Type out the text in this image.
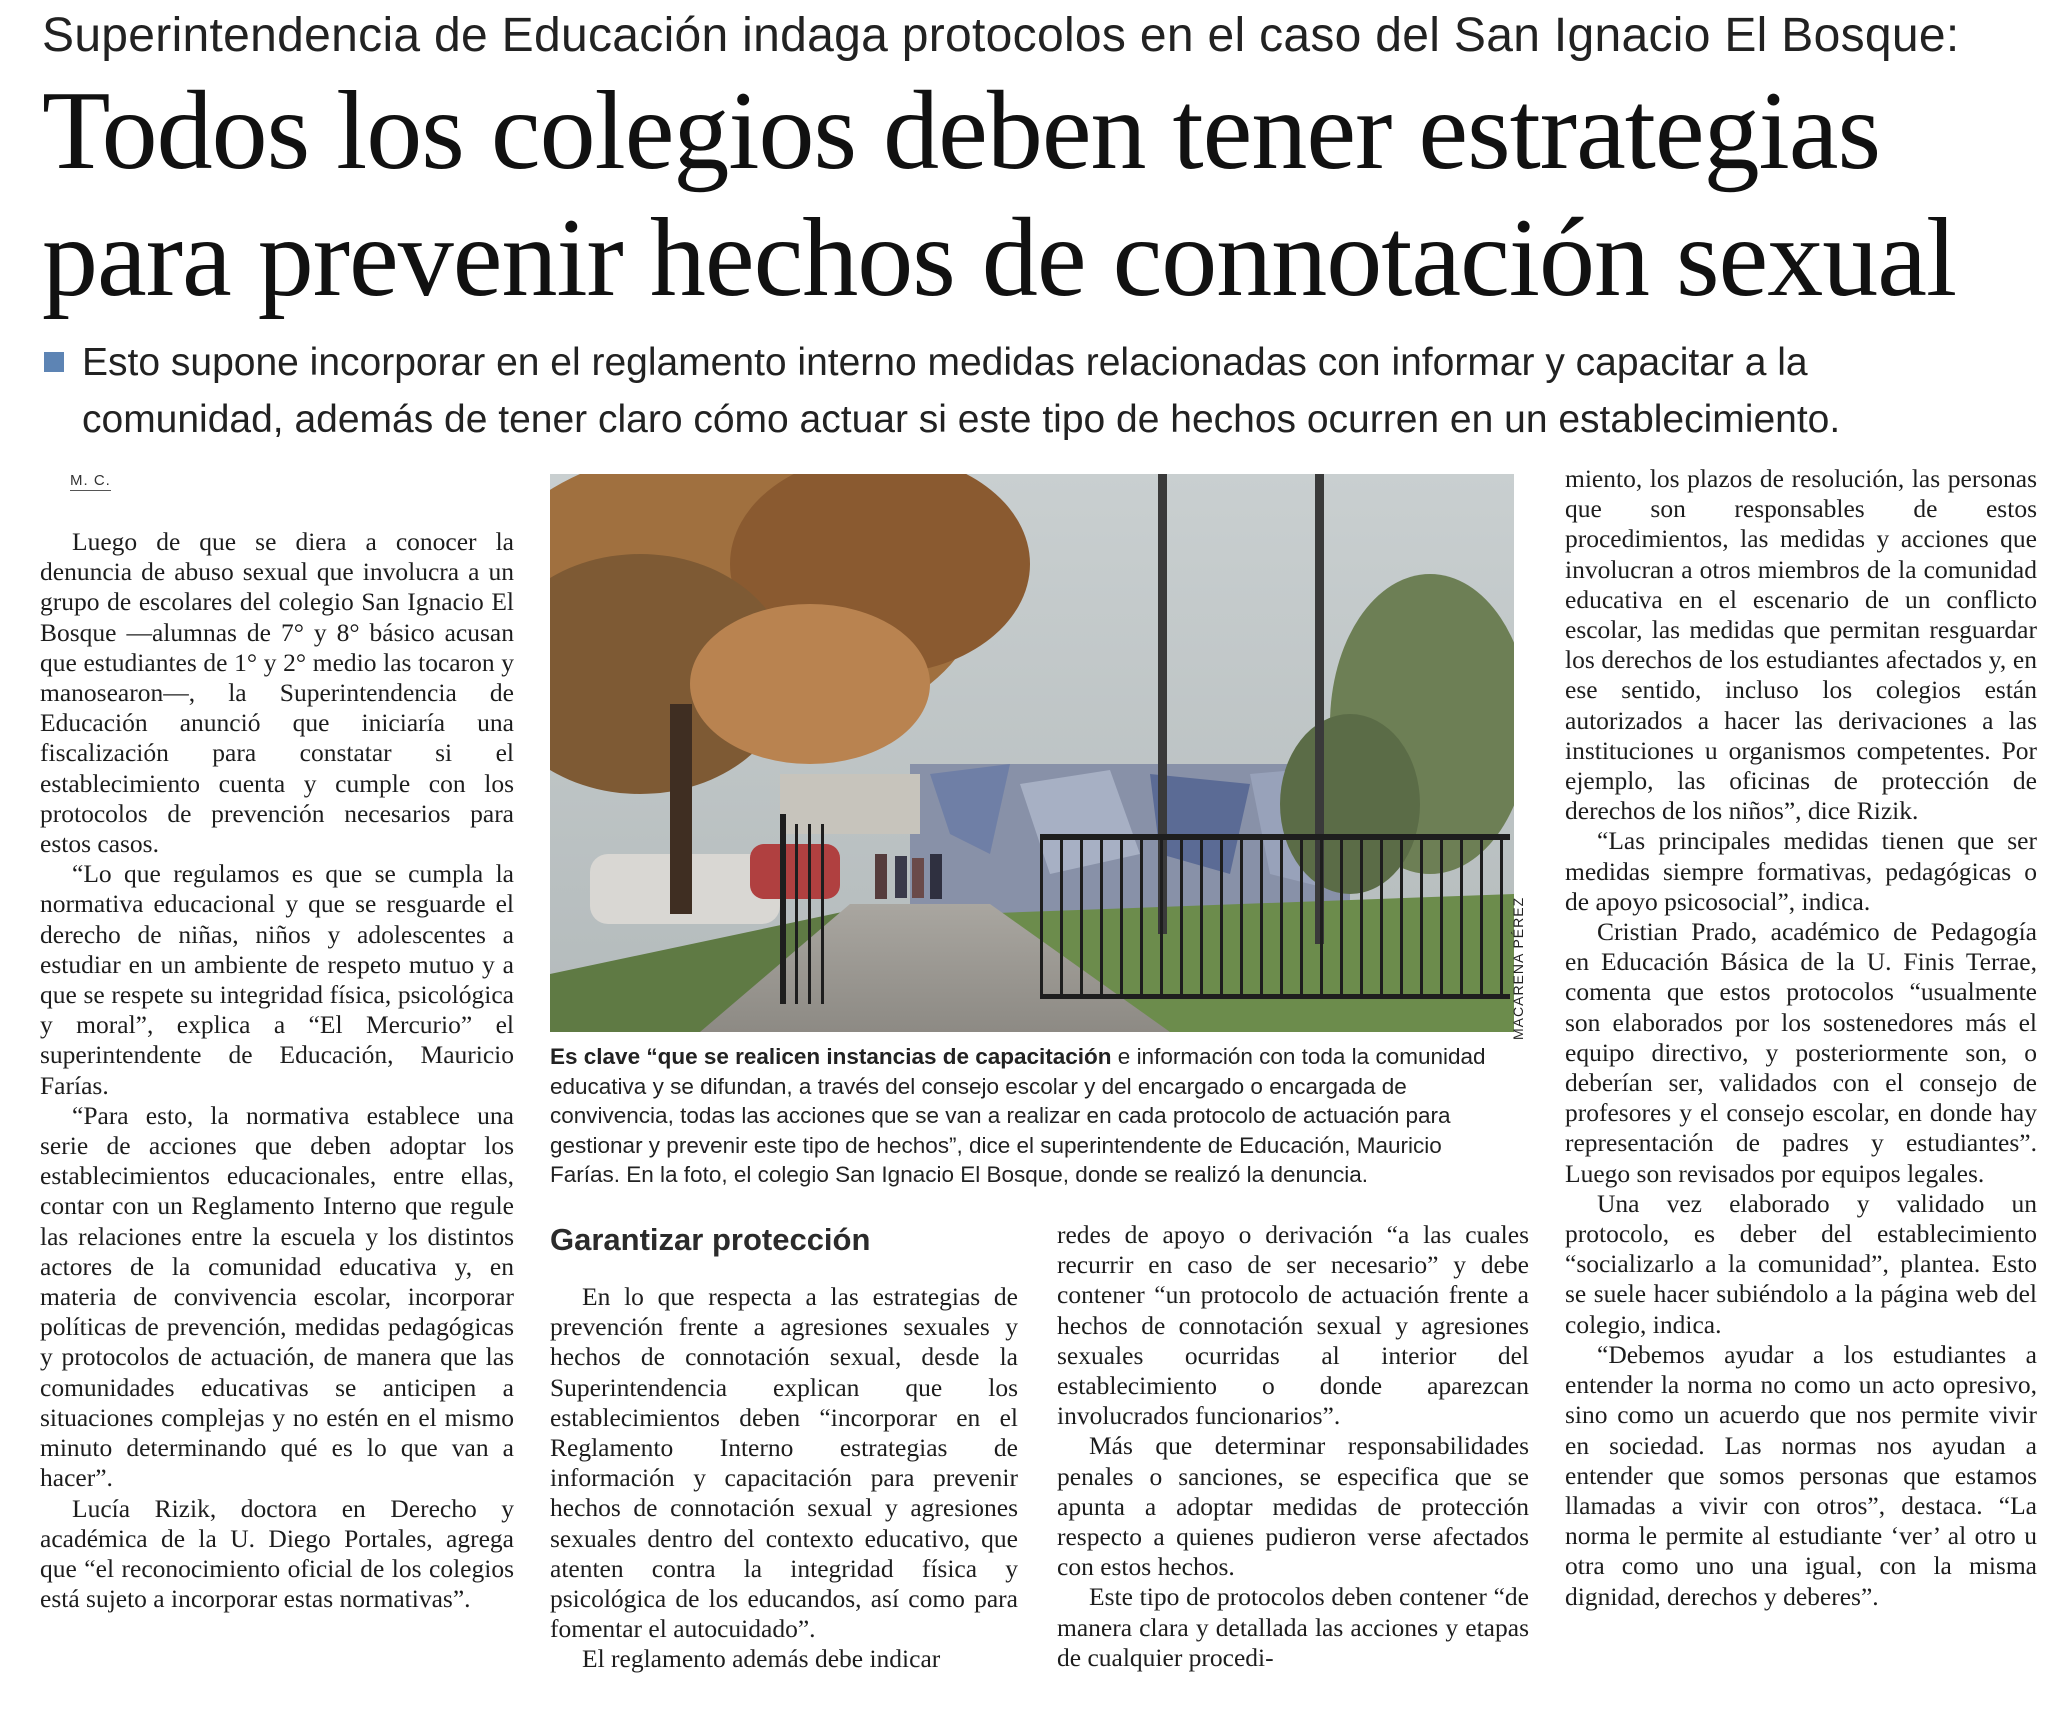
Superintendencia de Educación indaga protocolos en el caso del San Ignacio El Bosque:
Todos los colegios deben tener estrategias
para prevenir hechos de connotación sexual
Esto supone incorporar en el reglamento interno medidas relacionadas con informar y capacitar a la
comunidad, además de tener claro cómo actuar si este tipo de hechos ocurren en un establecimiento.
M. C.

Luego de que se diera a conocer la denuncia de abuso sexual que involucra a un grupo de escolares del colegio San Ignacio El Bosque —alumnas de 7° y 8° básico acusan que estudiantes de 1° y 2° medio las tocaron y manosearon—, la Superintendencia de Educación anunció que iniciaría una fiscalización para constatar si el establecimiento cuenta y cumple con los protocolos de prevención necesarios para estos casos.

“Lo que regulamos es que se cumpla la normativa educacional y que se resguarde el derecho de niñas, niños y adolescentes a estudiar en un ambiente de respeto mutuo y a que se respete su integridad física, psicológica y moral”, explica a “El Mercurio” el superintendente de Educación, Mauricio Farías.

“Para esto, la normativa establece una serie de acciones que deben adoptar los establecimientos educacionales, entre ellas, contar con un Reglamento Interno que regule las relaciones entre la escuela y los distintos actores de la comunidad educativa y, en materia de convivencia escolar, incorporar políticas de prevención, medidas pedagógicas y protocolos de actuación, de manera que las comunidades educativas se anticipen a situaciones complejas y no estén en el mismo minuto determinando qué es lo que van a hacer”.

Lucía Rizik, doctora en Derecho y académica de la U. Diego Portales, agrega que “el reconocimiento oficial de los colegios está sujeto a incorporar estas normativas”.

MACARENA PÉREZ
Es clave “que se realicen instancias de capacitación e información con toda la comunidad educativa y se difundan, a través del consejo escolar y del encargado o encargada de convivencia, todas las acciones que se van a realizar en cada protocolo de actuación para gestionar y prevenir este tipo de hechos”, dice el superintendente de Educación, Mauricio Farías. En la foto, el colegio San Ignacio El Bosque, donde se realizó la denuncia.
Garantizar protección

En lo que respecta a las estrategias de prevención frente a agresiones sexuales y hechos de connotación sexual, desde la Superintendencia explican que los establecimientos deben “incorporar en el Reglamento Interno estrategias de información y capacitación para prevenir hechos de connotación sexual y agresiones sexuales dentro del contexto educativo, que atenten contra la integridad física y psicológica de los educandos, así como para fomentar el autocuidado”.

El reglamento además debe indicar

redes de apoyo o derivación “a las cuales recurrir en caso de ser necesario” y debe contener “un protocolo de actuación frente a hechos de connotación sexual y agresiones sexuales ocurridas al interior del establecimiento o donde aparezcan involucrados funcionarios”.

Más que determinar responsabilidades penales o sanciones, se especifica que se apunta a adoptar medidas de protección respecto a quienes pudieron verse afectados con estos hechos.

Este tipo de protocolos deben contener “de manera clara y detallada las acciones y etapas de cualquier procedi-

miento, los plazos de resolución, las personas que son responsables de estos procedimientos, las medidas y acciones que involucran a otros miembros de la comunidad educativa en el escenario de un conflicto escolar, las medidas que permitan resguardar los derechos de los estudiantes afectados y, en ese sentido, incluso los colegios están autorizados a hacer las derivaciones a las instituciones u organismos competentes. Por ejemplo, las oficinas de protección de derechos de los niños”, dice Rizik.

“Las principales medidas tienen que ser medidas siempre formativas, pedagógicas o de apoyo psicosocial”, indica.

Cristian Prado, académico de Pedagogía en Educación Básica de la U. Finis Terrae, comenta que estos protocolos “usualmente son elaborados por los sostenedores más el equipo directivo, y posteriormente son, o deberían ser, validados con el consejo de profesores y el consejo escolar, en donde hay representación de padres y estudiantes”. Luego son revisados por equipos legales.

Una vez elaborado y validado un protocolo, es deber del establecimiento “socializarlo a la comunidad”, plantea. Esto se suele hacer subiéndolo a la página web del colegio, indica.

“Debemos ayudar a los estudiantes a entender la norma no como un acto opresivo, sino como un acuerdo que nos permite vivir en sociedad. Las normas nos ayudan a entender que somos personas que estamos llamadas a vivir con otros”, destaca. “La norma le permite al estudiante ‘ver’ al otro u otra como uno una igual, con la misma dignidad, derechos y deberes”.
